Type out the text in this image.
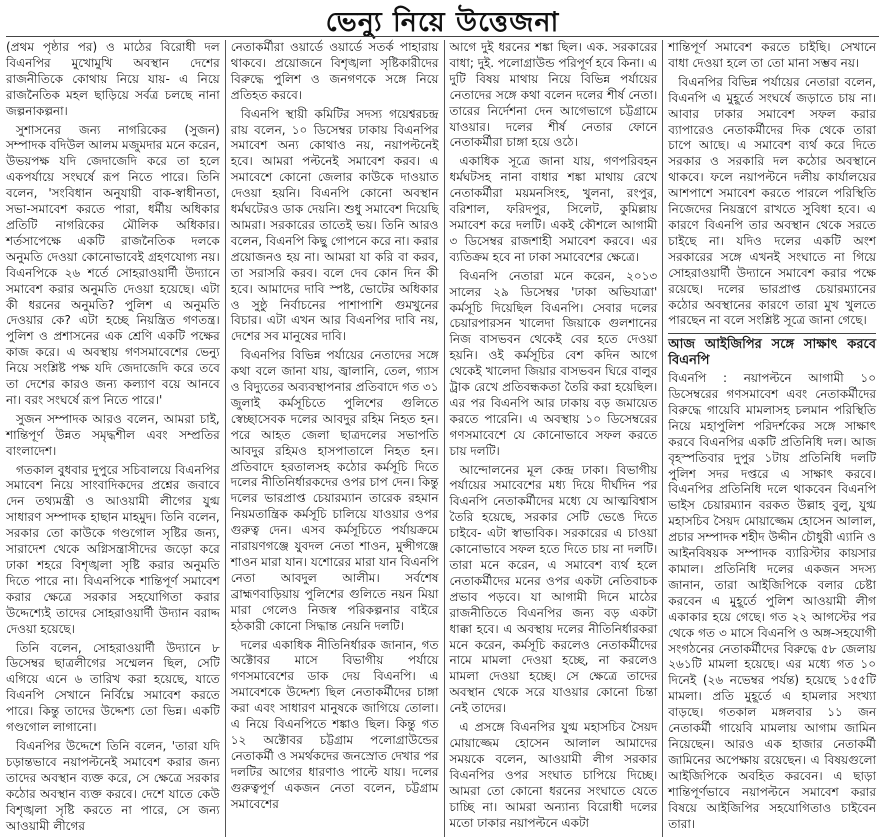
ভেন্যু নিয়ে উত্তেজনা

(প্রথম পৃষ্ঠার পর) ও মাঠের বিরোধী দল বিএনপির মুখোমুখি অবস্থান দেশের রাজনীতিকে কোথায় নিয়ে যায়- এ নিয়ে রাজনৈতিক মহল ছাড়িয়ে সর্বত্র চলছে নানা জল্পনাকল্পনা।

সুশাসনের জন্য নাগরিকের (সুজন) সম্পাদক বদিউল আলম মজুমদার মনে করেন, উভয়পক্ষ যদি জেদাজেদি করে তা হলে একপর্যায়ে সংঘর্ষে রূপ নিতে পারে। তিনি বলেন, 'সংবিধান অনুযায়ী বাক-স্বাধীনতা, সভা-সমাবেশ করতে পারা, ধর্মীয় অধিকার প্রতিটি নাগরিকের মৌলিক অধিকার। শর্তসাপেক্ষে একটি রাজনৈতিক দলকে অনুমতি দেওয়া কোনোভাবেই গ্রহণযোগ্য নয়। বিএনপিকে ২৬ শর্তে সোহরাওয়ার্দী উদ্যানে সমাবেশ করার অনুমতি দেওয়া হয়েছে। এটা কী ধরনের অনুমতি? পুলিশ এ অনুমতি দেওয়ার কে? এটা হচ্ছে নিয়ন্ত্রিত গণতন্ত্র। পুলিশ ও প্রশাসনের এক শ্রেণি একটি পক্ষের কাজ করে। এ অবস্থায় গণসমাবেশের ভেন্যু নিয়ে সংশ্লিষ্ট পক্ষ যদি জেদাজেদি করে তবে তা দেশের কারও জন্য কল্যাণ বয়ে আনবে না। বরং সংঘর্ষে রূপ নিতে পারে।'

সুজন সম্পাদক আরও বলেন, আমরা চাই, শান্তিপূর্ণ উন্নত সমৃদ্ধশীল এবং সম্প্রতির বাংলাদেশ।

গতকাল বুধবার দুপুরে সচিবালয়ে বিএনপির সমাবেশ নিয়ে সাংবাদিকদের প্রশ্নের জবাবে দেন তথ্যমন্ত্রী ও আওয়ামী লীগের যুগ্ম সাধারণ সম্পাদক হাছান মাহমুদ। তিনি বলেন, সরকার তো কাউকে গণ্ডগোল সৃষ্টির জন্য, সারাদেশ থেকে অগ্নিসন্ত্রাসীদের জড়ো করে ঢাকা শহরে বিশৃঙ্খলা সৃষ্টি করার অনুমতি দিতে পারে না। বিএনপিকে শান্তিপূর্ণ সমাবেশ করার ক্ষেত্রে সরকার সহযোগিতা করার উদ্দেশ্যেই তাদের সোহরাওয়ার্দী উদ্যান বরাদ্দ দেওয়া হয়েছে।

তিনি বলেন, সোহরাওয়ার্দী উদ্যানে ৮ ডিসেম্বর ছাত্রলীগের সম্মেলন ছিল, সেটি এগিয়ে এনে ৬ তারিখ করা হয়েছে, যাতে বিএনপি সেখানে নির্বিঘ্নে সমাবেশ করতে পারে। কিন্তু তাদের উদ্দেশ্য তো ভিন্ন। একটি গণ্ডগোল লাগানো।

বিএনপির উদ্দেশে তিনি বলেন, 'তারা যদি চড়ান্তভাবে নয়াপল্টনেই সমাবেশ করার জন্য তাদের অবস্থান ব্যক্ত করে, সে ক্ষেত্রে সরকার কঠোর অবস্থান ব্যক্ত করবে। দেশে যাতে কেউ বিশৃঙ্খলা সৃষ্টি করতে না পারে, সে জন্য আওয়ামী লীগের

নেতাকর্মীরা ওয়ার্ডে ওয়ার্ডে সতর্ক পাহারায় থাকবে। প্রয়োজনে বিশৃঙ্খলা সৃষ্টিকারীদের বিরুদ্ধে পুলিশ ও জনগণকে সঙ্গে নিয়ে প্রতিহত করবে।

বিএনপি স্থায়ী কমিটির সদস্য গয়েশ্বরচন্দ্র রায় বলেন, ১০ ডিসেম্বর ঢাকায় বিএনপির সমাবেশ অন্য কোথাও নয়, নয়াপল্টনেই হবে। আমরা পল্টনেই সমাবেশ করব। এ সমাবেশে কোনো জেলার কাউকে দাওয়াত দেওয়া হয়নি। বিএনপি কোনো অবস্থান ধর্মঘটেরও ডাক দেয়নি। শুধু সমাবেশ দিয়েছি আমরা। সরকারের তাতেই ভয়। তিনি আরও বলেন, বিএনপি কিছু গোপনে করে না। করার প্রয়োজনও হয় না। আমরা যা করি বা করব, তা সরাসরি করব। বলে দেব কোন দিন কী হবে। আমাদের দাবি স্পষ্ট, ভোটের অধিকার ও সুষ্ঠু নির্বাচনের পাশাপাশি গুমখুনের বিচার। এটা এখন আর বিএনপির দাবি নয়, দেশের সব মানুষের দাবি।

বিএনপির বিভিন্ন পর্যায়ের নেতাদের সঙ্গে কথা বলে জানা যায়, জ্বালানি, তেল, গ্যাস ও বিদ্যুতের অব্যবস্থাপনার প্রতিবাদে গত ৩১ জুলাই কর্মসূচিতে পুলিশের গুলিতে স্বেচ্ছাসেবক দলের আবদুর রহিম নিহত হন। পরে আহত জেলা ছাত্রদলের সভাপতি আবদুর রহিমও হাসপাতালে নিহত হন। প্রতিবাদে হরতালসহ কঠোর কর্মসূচি দিতে দলের নীতিনির্ধারকদের ওপর চাপ দেন। কিন্তু দলের ভারপ্রাপ্ত চেয়ারম্যান তারেক রহমান নিয়মতান্ত্রিক কর্মসূচি চালিয়ে যাওয়ার ওপর গুরুত্ব দেন। এসব কর্মসূচিতে পর্যায়ক্রমে নারায়ণগঞ্জে যুবদল নেতা শাওন, মুন্সীগঞ্জে শাওন মারা যান। যশোরের মারা যান বিএনপি নেতা আবদুল আলীম। সর্বশেষ ব্রাহ্মণবাড়িয়ায় পুলিশের গুলিতে নয়ন মিয়া মারা গেলেও নিজস্ব পরিকল্পনার বাইরে হঠকারী কোনো সিদ্ধান্ত নেয়নি দলটি।

দলের একাধিক নীতিনির্ধারক জানান, গত অক্টোবর মাসে বিভাগীয় পর্যায়ে গণসমাবেশের ডাক দেয় বিএনপি। এ সমাবেশকে উদ্দেশ্য ছিল নেতাকর্মীদের চাঙ্গা করা এবং সাধারণ মানুষকে জাগিয়ে তোলা। এ নিয়ে বিএনপিতে শঙ্কাও ছিল। কিন্তু গত ১২ অক্টোবর চট্টগ্রাম পলোগ্রাউন্ডের নেতাকর্মী ও সমর্থকদের জনস্রোত দেখার পর দলটির আগের ধারণাও পাল্টে যায়। দলের গুরুত্বপূর্ণ একজন নেতা বলেন, চট্টগ্রাম সমাবেশের

আগে দুই ধরনের শঙ্কা ছিল। এক. সরকারের বাধা; দুই. পলোগ্রাউন্ড পরিপূর্ণ হবে কিনা। এ দুটি বিষয় মাথায় নিয়ে বিভিন্ন পর্যায়ের নেতাদের সঙ্গে কথা বলেন দলের শীর্ষ নেতা। তারের নির্দেশনা দেন আগেভাগে চট্টগ্রামে যাওয়ার। দলের শীর্ষ নেতার ফোনে নেতাকর্মীরা চাঙ্গা হয়ে ওঠে।

একাধিক সূত্রে জানা যায়, গণপরিবহন ধর্মঘটসহ নানা বাধার শঙ্কা মাথায় রেখে নেতাকর্মীরা ময়মনসিংহ, খুলনা, রংপুর, বরিশাল, ফরিদপুর, সিলেট, কুমিল্লায় সমাবেশ করে দলটি। একই কৌশলে আগামী ৩ ডিসেম্বর রাজশাহী সমাবেশ করবে। এর ব্যতিক্রম হবে না ঢাকা সমাবেশের ক্ষেত্রে।

বিএনপি নেতারা মনে করেন, ২০১৩ সালের ২৯ ডিসেম্বর 'ঢাকা অভিযাত্রা' কর্মসূচি দিয়েছিল বিএনপি। সেবার দলের চেয়ারপারসন খালেদা জিয়াকে গুলশানের নিজ বাসভবন থেকেই বের হতে দেওয়া হয়নি। ওই কর্মসূচির বেশ কদিন আগে থেকেই খালেদা জিয়ার বাসভবন ঘিরে বালুর ট্রাক রেখে প্রতিবন্ধকতা তৈরি করা হয়েছিল। এর পর বিএনপি আর ঢাকায় বড় জমায়েত করতে পারেনি। এ অবস্থায় ১০ ডিসেম্বরের গণসমাবেশে যে কোনোভাবে সফল করতে চায় দলটি।

আন্দোলনের মূল কেন্দ্র ঢাকা। বিভাগীয় পর্যায়ের সমাবেশের মধ্য দিয়ে দীর্ঘদিন পর বিএনপি নেতাকর্মীদের মধ্যে যে আত্মবিশ্বাস তৈরি হয়েছে, সরকার সেটি ভেঙে দিতে চাইবে- এটা স্বাভাবিক। সরকারের এ চাওয়া কোনোভাবে সফল হতে দিতে চায় না দলটি। তারা মনে করেন, এ সমাবেশ ব্যর্থ হলে নেতাকর্মীদের মনের ওপর একটা নেতিবাচক প্রভাব পড়বে। যা আগামী দিনে মাঠের রাজনীতিতে বিএনপির জন্য বড় একটা ধাক্কা হবে। এ অবস্থায় দলের নীতিনির্ধারকরা মনে করেন, কর্মসূচি করলেও নেতাকর্মীদের নামে মামলা দেওয়া হচ্ছে, না করলেও মামলা দেওয়া হচ্ছে। সে ক্ষেত্রে তাদের অবস্থান থেকে সরে যাওয়ার কোনো চিন্তা নেই তাদের।

এ প্রসঙ্গে বিএনপির যুগ্ম মহাসচিব সৈয়দ মোয়াজ্জেম হোসেন আলাল আমাদের সময়কে বলেন, আওয়ামী লীগ সরকার বিএনপির ওপর সংঘাত চাপিয়ে দিচ্ছে। আমরা তো কোনো ধরনের সংঘাতে যেতে চাচ্ছি না। আমরা অন্যান্য বিরোধী দলের মতো ঢাকার নয়াপল্টনে একটা

শান্তিপূর্ণ সমাবেশ করতে চাইছি। সেখানে বাধা দেওয়া হলে তা তো মানা সম্ভব নয়।

বিএনপির বিভিন্ন পর্যায়ের নেতারা বলেন, বিএনপি এ মুহূর্তে সংঘর্ষে জড়াতে চায় না। আবার ঢাকার সমাবেশ সফল করার ব্যাপারেও নেতাকর্মীদের দিক থেকে তারা চাপে আছে। এ সমাবেশ ব্যর্থ করে দিতে সরকার ও সরকারি দল কঠোর অবস্থানে থাকবে। ফলে নয়াপল্টনে দলীয় কার্যালয়ের আশপাশে সমাবেশ করতে পারলে পরিস্থিতি নিজেদের নিয়ন্ত্রণে রাখতে সুবিধা হবে। এ কারণে বিএনপি তার অবস্থান থেকে সরতে চাইছে না। যদিও দলের একটি অংশ সরকারের সঙ্গে এখনই সংঘাতে না গিয়ে সোহরাওয়ার্দী উদ্যানে সমাবেশ করার পক্ষে রয়েছে। দলের ভারপ্রাপ্ত চেয়ারম্যানের কঠোর অবস্থানের কারণে তারা মুখ খুলতে পারছেন না বলে সংশ্লিষ্ট সূত্রে জানা গেছে।

আজ আইজিপির সঙ্গে সাক্ষাৎ করবে বিএনপি

বিএনপি : নয়াপল্টনে আগামী ১০ ডিসেম্বরের গণসমাবেশ এবং নেতাকর্মীদের বিরুদ্ধে গায়েবি মামলাসহ চলমান পরিস্থিতি নিয়ে মহাপুলিশ পরিদর্শকের সঙ্গে সাক্ষাৎ করবে বিএনপির একটি প্রতিনিধি দল। আজ বৃহস্পতিবার দুপুর ১টায় প্রতিনিধি দলটি পুলিশ সদর দপ্তরে এ সাক্ষাৎ করবে। বিএনপির প্রতিনিধি দলে থাকবেন বিএনপি ভাইস চেয়ারম্যান বরকত উল্লাহ বুলু, যুগ্ম মহাসচিব সৈয়দ মোয়াজ্জেম হোসেন আলাল, প্রচার সম্পাদক শহীদ উদ্দীন চৌধুরী এ্যানি ও আইনবিষয়ক সম্পাদক ব্যারিস্টার কায়সার কামাল। প্রতিনিধি দলের একজন সদস্য জানান, তারা আইজিপিকে বলার চেষ্টা করবেন এ মুহূর্তে পুলিশ আওয়ামী লীগ একাকার হয়ে গেছে। গত ২২ আগস্টের পর থেকে গত ৩ মাসে বিএনপি ও অঙ্গ-সহযোগী সংগঠনের নেতাকর্মীদের বিরুদ্ধে ৫৮ জেলায় ২৬১টি মামলা হয়েছে। এর মধ্যে গত ১০ দিনেই (২৬ নভেম্বর পর্যন্ত) হয়েছে ১৫৫টি মামলা। প্রতি মুহূর্তে এ হামলার সংখ্যা বাড়ছে। গতকাল মঙ্গলবার ১১ জন নেতাকর্মী গায়েবি মামলায় আগাম জামিন নিয়েছেন। আরও এক হাজার নেতাকর্মী জামিনের অপেক্ষায় রয়েছেন। এ বিষয়গুলো আইজিপিকে অবহিত করবেন। এ ছাড়া শান্তিপূর্ণভাবে নয়াপল্টনে সমাবেশ করার বিষয়ে আইজিপির সহযোগিতাও চাইবেন তারা।
